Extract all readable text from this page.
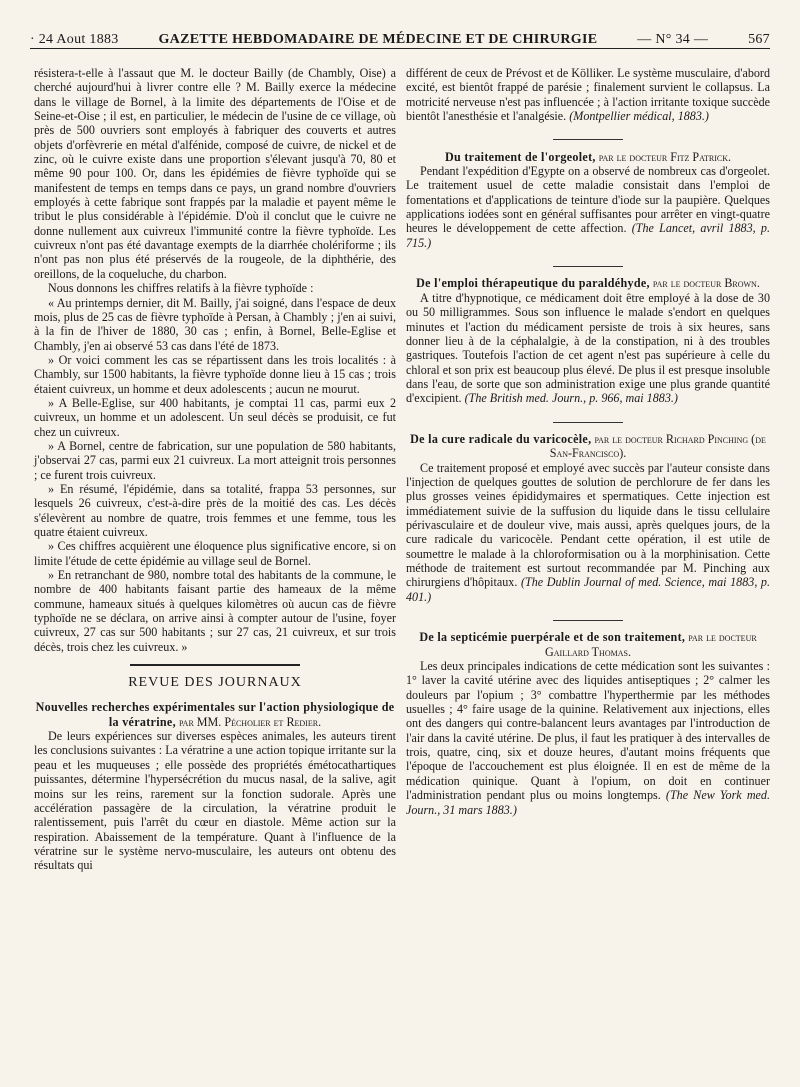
· 24 Aout 1883	GAZETTE HEBDOMADAIRE DE MÉDECINE ET DE CHIRURGIE	— N° 34 —	567

résistera-t-elle à l'assaut que M. le docteur Bailly (de Chambly, Oise) a cherché aujourd'hui à livrer contre elle ? M. Bailly exerce la médecine dans le village de Bornel, à la limite des départements de l'Oise et de Seine-et-Oise ; il est, en particulier, le médecin de l'usine de ce village, où près de 500 ouvriers sont employés à fabriquer des couverts et autres objets d'orfèvrerie en métal d'alfénide, composé de cuivre, de nickel et de zinc, où le cuivre existe dans une proportion s'élevant jusqu'à 70, 80 et même 90 pour 100. Or, dans les épidémies de fièvre typhoïde qui se manifestent de temps en temps dans ce pays, un grand nombre d'ouvriers employés à cette fabrique sont frappés par la maladie et payent même le tribut le plus considérable à l'épidémie. D'où il conclut que le cuivre ne donne nullement aux cuivreux l'immunité contre la fièvre typhoïde. Les cuivreux n'ont pas été davantage exempts de la diarrhée cholériforme ; ils n'ont pas non plus été préservés de la rougeole, de la diphthérie, des oreillons, de la coqueluche, du charbon.

Nous donnons les chiffres relatifs à la fièvre typhoïde :

« Au printemps dernier, dit M. Bailly, j'ai soigné, dans l'espace de deux mois, plus de 25 cas de fièvre typhoïde à Persan, à Chambly ; j'en ai suivi, à la fin de l'hiver de 1880, 30 cas ; enfin, à Bornel, Belle-Eglise et Chambly, j'en ai observé 53 cas dans l'été de 1873.

» Or voici comment les cas se répartissent dans les trois localités : à Chambly, sur 1500 habitants, la fièvre typhoïde donne lieu à 15 cas ; trois étaient cuivreux, un homme et deux adolescents ; aucun ne mourut.

» A Belle-Eglise, sur 400 habitants, je comptai 11 cas, parmi eux 2 cuivreux, un homme et un adolescent. Un seul décès se produisit, ce fut chez un cuivreux.

» A Bornel, centre de fabrication, sur une population de 580 habitants, j'observai 27 cas, parmi eux 21 cuivreux. La mort atteignit trois personnes ; ce furent trois cuivreux.

» En résumé, l'épidémie, dans sa totalité, frappa 53 personnes, sur lesquels 26 cuivreux, c'est-à-dire près de la moitié des cas. Les décès s'élevèrent au nombre de quatre, trois femmes et une femme, tous les quatre étaient cuivreux.

» Ces chiffres acquièrent une éloquence plus significative encore, si on limite l'étude de cette épidémie au village seul de Bornel.

» En retranchant de 980, nombre total des habitants de la commune, le nombre de 400 habitants faisant partie des hameaux de la même commune, hameaux situés à quelques kilomètres où aucun cas de fièvre typhoïde ne se déclara, on arrive ainsi à compter autour de l'usine, foyer cuivreux, 27 cas sur 500 habitants ; sur 27 cas, 21 cuivreux, et sur trois décès, trois chez les cuivreux. »

REVUE DES JOURNAUX

Nouvelles recherches expérimentales sur l'action physiologique de la vératrine, par MM. Pécholier et Redier.

De leurs expériences sur diverses espèces animales, les auteurs tirent les conclusions suivantes : La vératrine a une action topique irritante sur la peau et les muqueuses ; elle possède des propriétés émétocathartiques puissantes, détermine l'hypersécrétion du mucus nasal, de la salive, agit moins sur les reins, rarement sur la fonction sudorale. Après une accélération passagère de la circulation, la vératrine produit le ralentissement, puis l'arrêt du cœur en diastole. Même action sur la respiration. Abaissement de la température. Quant à l'influence de la vératrine sur le système nervo-musculaire, les auteurs ont obtenu des résultats qui

différent de ceux de Prévost et de Kölliker. Le système musculaire, d'abord excité, est bientôt frappé de parésie ; finalement survient le collapsus. La motricité nerveuse n'est pas influencée ; à l'action irritante toxique succède bientôt l'anesthésie et l'analgésie. (Montpellier médical, 1883.)

Du traitement de l'orgeolet, par le docteur Fitz Patrick.

Pendant l'expédition d'Egypte on a observé de nombreux cas d'orgeolet. Le traitement usuel de cette maladie consistait dans l'emploi de fomentations et d'applications de teinture d'iode sur la paupière. Quelques applications iodées sont en général suffisantes pour arrêter en vingt-quatre heures le développement de cette affection. (The Lancet, avril 1883, p. 715.)

De l'emploi thérapeutique du paraldéhyde, par le docteur Brown.

A titre d'hypnotique, ce médicament doit être employé à la dose de 30 ou 50 milligrammes. Sous son influence le malade s'endort en quelques minutes et l'action du médicament persiste de trois à six heures, sans donner lieu à de la céphalalgie, à de la constipation, ni à des troubles gastriques. Toutefois l'action de cet agent n'est pas supérieure à celle du chloral et son prix est beaucoup plus élevé. De plus il est presque insoluble dans l'eau, de sorte que son administration exige une plus grande quantité d'excipient. (The British med. Journ., p. 966, mai 1883.)

De la cure radicale du varicocèle, par le docteur Richard Pinching (de San-Francisco).

Ce traitement proposé et employé avec succès par l'auteur consiste dans l'injection de quelques gouttes de solution de perchlorure de fer dans les plus grosses veines épididymaires et spermatiques. Cette injection est immédiatement suivie de la suffusion du liquide dans le tissu cellulaire périvasculaire et de douleur vive, mais aussi, après quelques jours, de la cure radicale du varicocèle. Pendant cette opération, il est utile de soumettre le malade à la chloroformisation ou à la morphinisation. Cette méthode de traitement est surtout recommandée par M. Pinching aux chirurgiens d'hôpitaux. (The Dublin Journal of med. Science, mai 1883, p. 401.)

De la septicémie puerpérale et de son traitement, par le docteur Gaillard Thomas.

Les deux principales indications de cette médication sont les suivantes : 1° laver la cavité utérine avec des liquides antiseptiques ; 2° calmer les douleurs par l'opium ; 3° combattre l'hyperthermie par les méthodes usuelles ; 4° faire usage de la quinine. Relativement aux injections, elles ont des dangers qui contre-balancent leurs avantages par l'introduction de l'air dans la cavité utérine. De plus, il faut les pratiquer à des intervalles de trois, quatre, cinq, six et douze heures, d'autant moins fréquents que l'époque de l'accouchement est plus éloignée. Il en est de même de la médication quinique. Quant à l'opium, on doit en continuer l'administration pendant plus ou moins longtemps. (The New York med. Journ., 31 mars 1883.)
